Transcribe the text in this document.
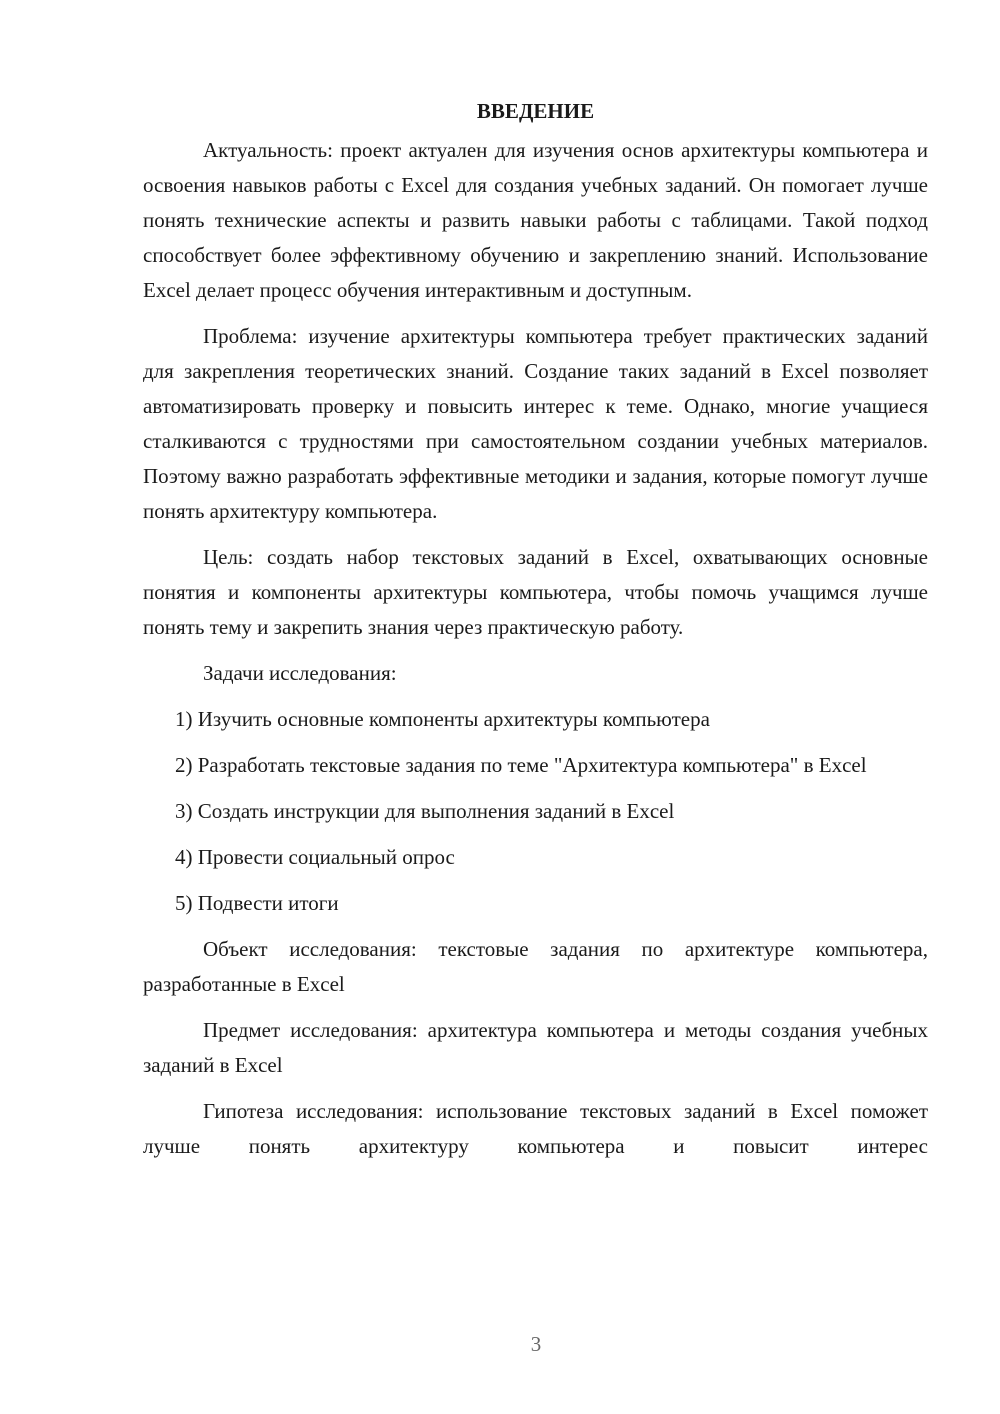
ВВЕДЕНИЕ

Актуальность: проект актуален для изучения основ архитектуры компьютера и освоения навыков работы с Excel для создания учебных заданий. Он помогает лучше понять технические аспекты и развить навыки работы с таблицами. Такой подход способствует более эффективному обучению и закреплению знаний. Использование Excel делает процесс обучения интерактивным и доступным.

Проблема: изучение архитектуры компьютера требует практических заданий для закрепления теоретических знаний. Создание таких заданий в Excel позволяет автоматизировать проверку и повысить интерес к теме. Однако, многие учащиеся сталкиваются с трудностями при самостоятельном создании учебных материалов. Поэтому важно разработать эффективные методики и задания, которые помогут лучше понять архитектуру компьютера.

Цель: создать набор текстовых заданий в Excel, охватывающих основные понятия и компоненты архитектуры компьютера, чтобы помочь учащимся лучше понять тему и закрепить знания через практическую работу.

Задачи исследования:

1) Изучить основные компоненты архитектуры компьютера

2) Разработать текстовые задания по теме "Архитектура компьютера" в Excel

3) Создать инструкции для выполнения заданий в Excel

4) Провести социальный опрос

5) Подвести итоги

Объект исследования: текстовые задания по архитектуре компьютера, разработанные в Excel

Предмет исследования: архитектура компьютера и методы создания учебных заданий в Excel

Гипотеза исследования: использование текстовых заданий в Excel поможет лучше понять архитектуру компьютера и повысит интерес

3
